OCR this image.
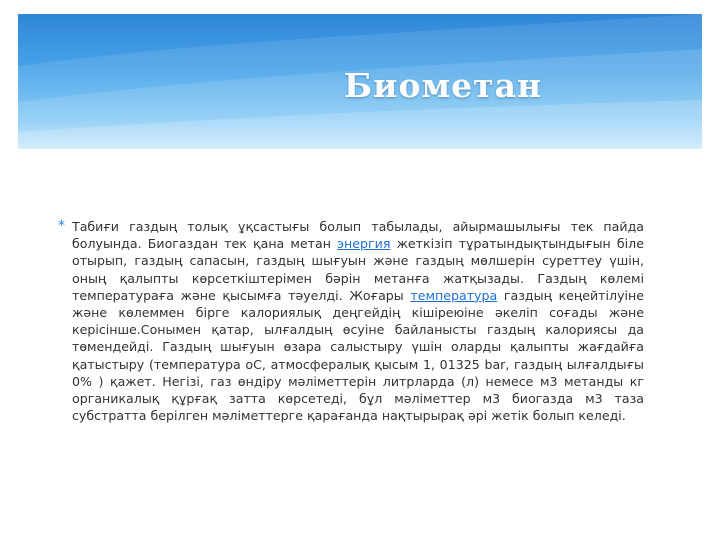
Биометан
* Табиғи газдың толық ұқсастығы болып табылады, айырмашылығы тек пайда болуында. Биогаздан тек қана метан энергия жеткізіп тұратындықтындығын біле отырып, газдың сапасын, газдың шығуын және газдың мөлшерін суреттеу үшін, оның қалыпты көрсеткіштерімен бәрін метанға жатқызады. Газдың көлемі температураға және қысымға тәуелді. Жоғары температура газдың кеңейтілуіне және көлеммен бірге калориялық деңгейдің кішіреюіне әкеліп соғады және керісінше.Сонымен қатар, ылғалдың өсуіне байланысты газдың калориясы да төмендейді. Газдың шығуын өзара салыстыру үшін оларды қалыпты жағдайға қатыстыру (температура оС, атмосфералық қысым 1, 01325 bar, газдың ылғалдығы 0% ) қажет. Негізі, газ өндіру мәліметтерін литрларда (л) немесе м3 метанды кг органикалық құрғақ затта көрсетеді, бұл мәліметтер м3 биогазда м3 таза субстратта берілген мәліметтерге қарағанда нақтырырақ әрі жетік болып келеді.
